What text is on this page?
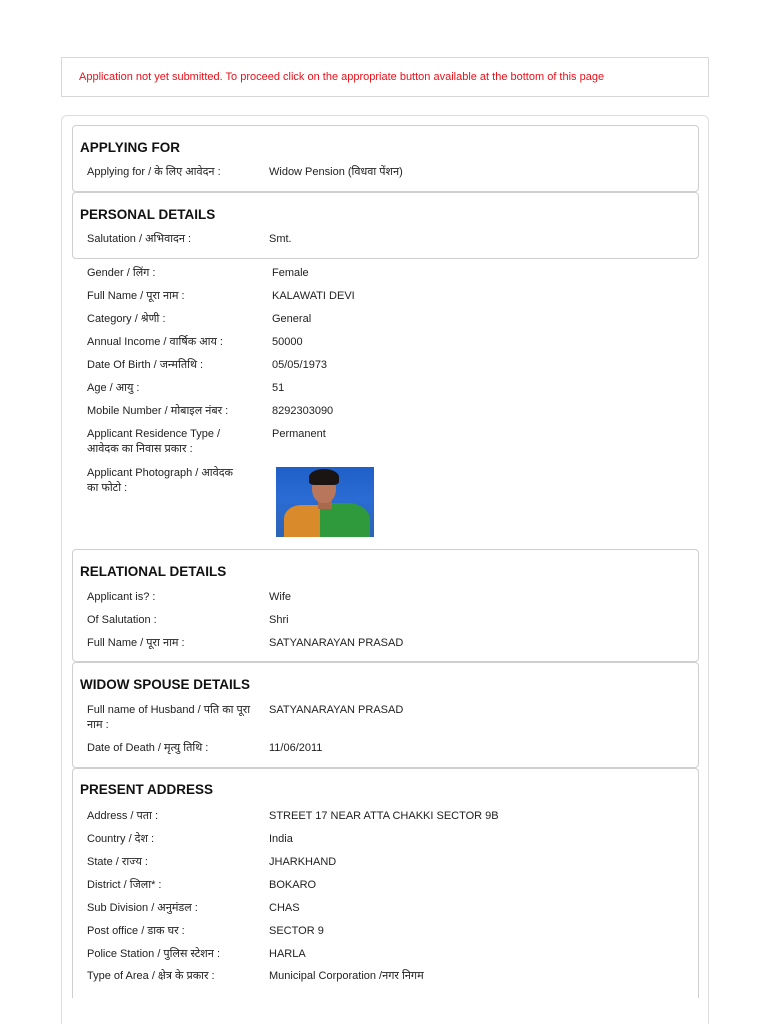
Application not yet submitted. To proceed click on the appropriate button available at the bottom of this page
APPLYING FOR
Applying for / के लिए आवेदन :	Widow Pension (विधवा पेंशन)
PERSONAL DETAILS
Salutation / अभिवादन :	Smt.
Gender / लिंग :	Female
Full Name / पूरा नाम :	KALAWATI DEVI
Category / श्रेणी :	General
Annual Income / वार्षिक आय :	50000
Date Of Birth / जन्मतिथि :	05/05/1973
Age / आयु :	51
Mobile Number / मोबाइल नंबर :	8292303090
Applicant Residence Type /
आवेदक का निवास प्रकार :
Permanent
Applicant Photograph / आवेदक
का फोटो :
RELATIONAL DETAILS
Applicant is? :	Wife
Of Salutation :	Shri
Full Name / पूरा नाम :	SATYANARAYAN PRASAD
WIDOW SPOUSE DETAILS
Full name of Husband / पति का पूरा
नाम :
SATYANARAYAN PRASAD
Date of Death / मृत्यु तिथि :	11/06/2011
PRESENT ADDRESS
Address / पता :	STREET 17 NEAR ATTA CHAKKI SECTOR 9B
Country / देश :	India
State / राज्य :	JHARKHAND
District / जिला* :	BOKARO
Sub Division / अनुमंडल :	CHAS
Post office / डाक घर :	SECTOR 9
Police Station / पुलिस स्टेशन :	HARLA
Type of Area / क्षेत्र के प्रकार :	Municipal Corporation /नगर निगम
